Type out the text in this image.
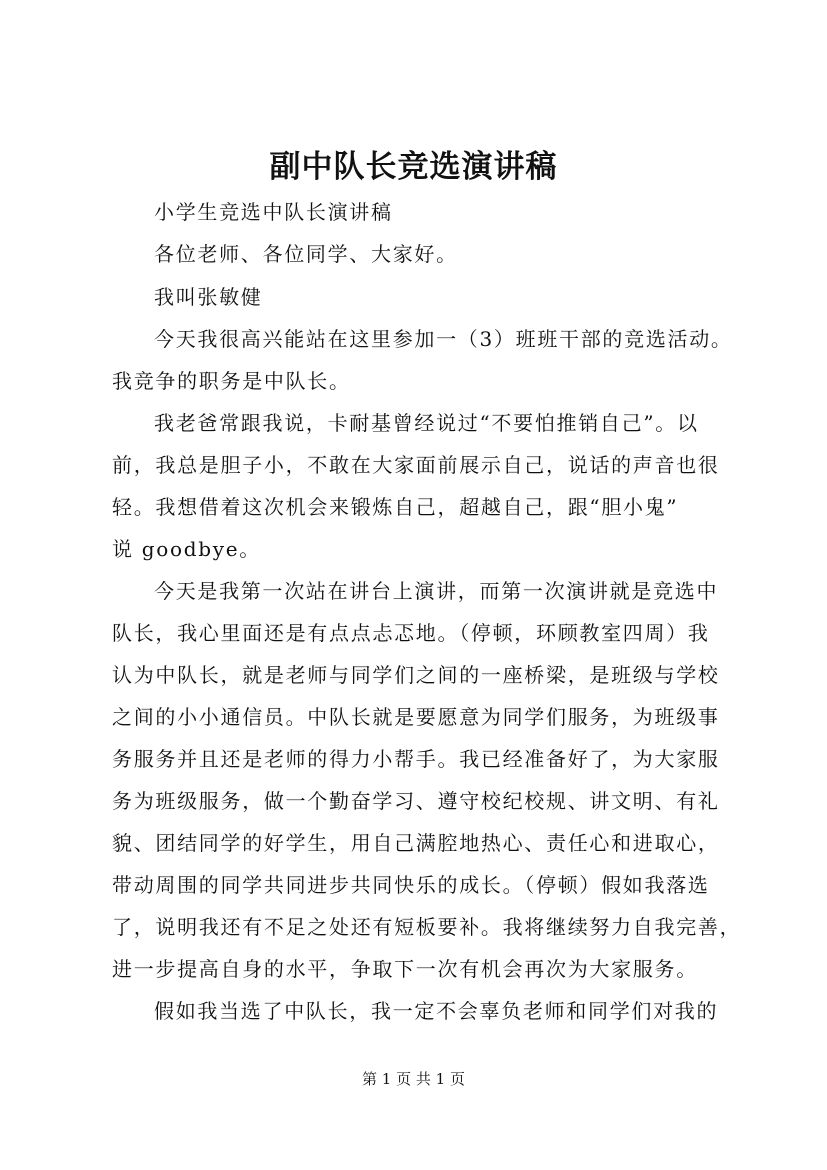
副中队长竞选演讲稿
小学生竞选中队长演讲稿
各位老师、各位同学、大家好。
我叫张敏健
今天我很高兴能站在这里参加一（3）班班干部的竞选活动。
我竞争的职务是中队长。
我老爸常跟我说，卡耐基曾经说过“不要怕推销自己”。以
前，我总是胆子小，不敢在大家面前展示自己，说话的声音也很
轻。我想借着这次机会来锻炼自己，超越自己，跟“胆小鬼”
说 goodbye。
今天是我第一次站在讲台上演讲，而第一次演讲就是竞选中
队长，我心里面还是有点点忐忑地。（停顿，环顾教室四周）我
认为中队长，就是老师与同学们之间的一座桥梁，是班级与学校
之间的小小通信员。中队长就是要愿意为同学们服务，为班级事
务服务并且还是老师的得力小帮手。我已经准备好了，为大家服
务为班级服务，做一个勤奋学习、遵守校纪校规、讲文明、有礼
貌、团结同学的好学生，用自己满腔地热心、责任心和进取心，
带动周围的同学共同进步共同快乐的成长。（停顿）假如我落选
了，说明我还有不足之处还有短板要补。我将继续努力自我完善，
进一步提高自身的水平，争取下一次有机会再次为大家服务。
假如我当选了中队长，我一定不会辜负老师和同学们对我的
第 1 页 共 1 页
